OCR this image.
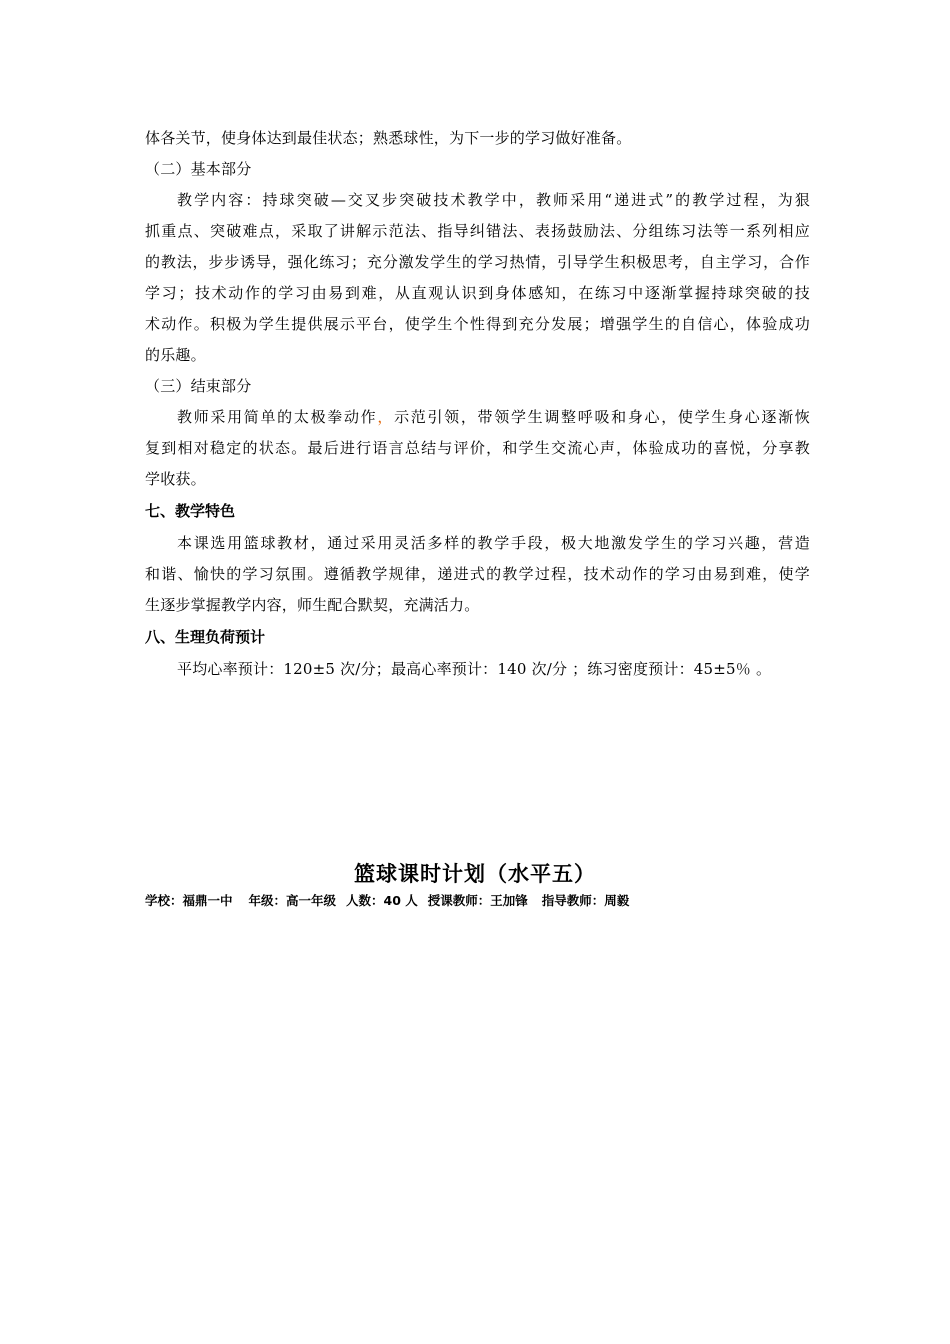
体各关节，使身体达到最佳状态；熟悉球性，为下一步的学习做好准备。
（二）基本部分
教学内容：持球突破—交叉步突破技术教学中，教师采用“递进式”的教学过程，为狠
抓重点、突破难点，采取了讲解示范法、指导纠错法、表扬鼓励法、分组练习法等一系列相应
的教法，步步诱导，强化练习；充分激发学生的学习热情，引导学生积极思考，自主学习，合作
学习；技术动作的学习由易到难，从直观认识到身体感知，在练习中逐渐掌握持球突破的技
术动作。积极为学生提供展示平台，使学生个性得到充分发展；增强学生的自信心，体验成功
的乐趣。
（三）结束部分
教师采用简单的太极拳动作，示范引领，带领学生调整呼吸和身心，使学生身心逐渐恢
复到相对稳定的状态。最后进行语言总结与评价，和学生交流心声，体验成功的喜悦，分享教
学收获。
七、教学特色
本课选用篮球教材，通过采用灵活多样的教学手段，极大地激发学生的学习兴趣，营造
和谐、愉快的学习氛围。遵循教学规律，递进式的教学过程，技术动作的学习由易到难，使学
生逐步掌握教学内容，师生配合默契，充满活力。
八、生理负荷预计
平均心率预计：120±5 次/分；最高心率预计：140 次/分 ；练习密度预计：45±5％ 。
篮球课时计划（水平五）
学校：福鼎一中 年级：高一年级 人数：40 人 授课教师：王加锋 指导教师：周毅
